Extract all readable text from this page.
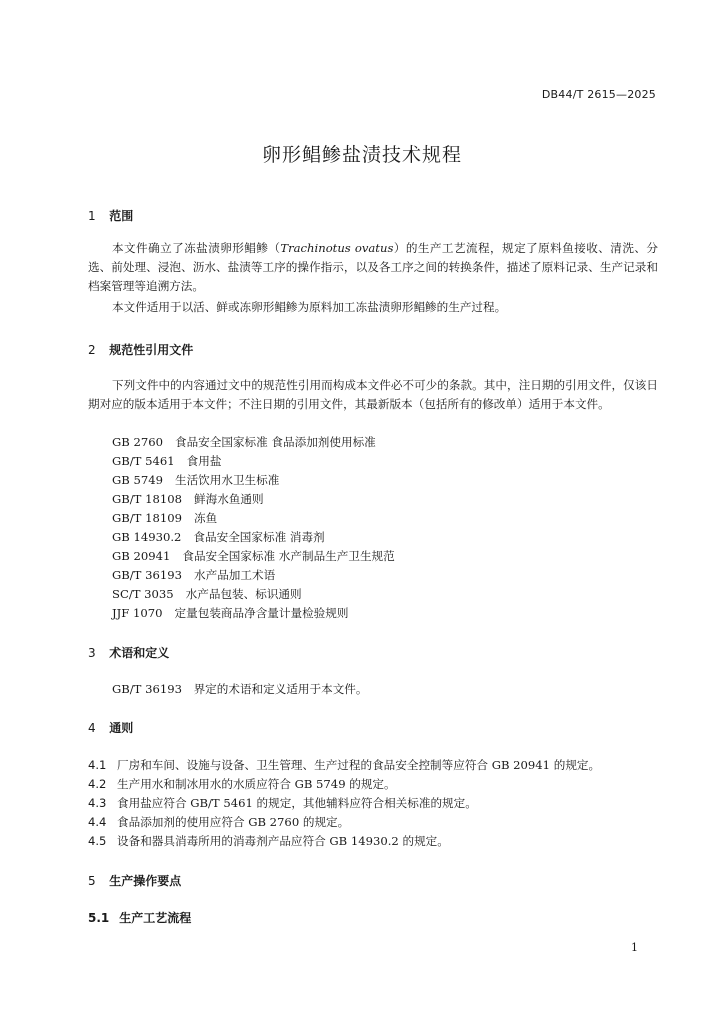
DB44/T 2615—2025
卵形鲳鲹盐渍技术规程
1 范围
本文件确立了冻盐渍卵形鲳鲹（Trachinotus ovatus）的生产工艺流程，规定了原料鱼接收、清洗、分选、前处理、浸泡、沥水、盐渍等工序的操作指示，以及各工序之间的转换条件，描述了原料记录、生产记录和档案管理等追溯方法。
本文件适用于以活、鲜或冻卵形鲳鲹为原料加工冻盐渍卵形鲳鲹的生产过程。
2 规范性引用文件
下列文件中的内容通过文中的规范性引用而构成本文件必不可少的条款。其中，注日期的引用文件，仅该日期对应的版本适用于本文件；不注日期的引用文件，其最新版本（包括所有的修改单）适用于本文件。
GB 2760 食品安全国家标准 食品添加剂使用标准
GB/T 5461 食用盐
GB 5749 生活饮用水卫生标准
GB/T 18108 鲜海水鱼通则
GB/T 18109 冻鱼
GB 14930.2 食品安全国家标准 消毒剂
GB 20941 食品安全国家标准 水产制品生产卫生规范
GB/T 36193 水产品加工术语
SC/T 3035 水产品包装、标识通则
JJF 1070 定量包装商品净含量计量检验规则
3 术语和定义
GB/T 36193　界定的术语和定义适用于本文件。
4 通则
4.1 厂房和车间、设施与设备、卫生管理、生产过程的食品安全控制等应符合 GB 20941 的规定。
4.2 生产用水和制冰用水的水质应符合 GB 5749 的规定。
4.3 食用盐应符合 GB/T 5461 的规定，其他辅料应符合相关标准的规定。
4.4 食品添加剂的使用应符合 GB 2760 的规定。
4.5 设备和器具消毒所用的消毒剂产品应符合 GB 14930.2 的规定。
5 生产操作要点
5.1 生产工艺流程
1
